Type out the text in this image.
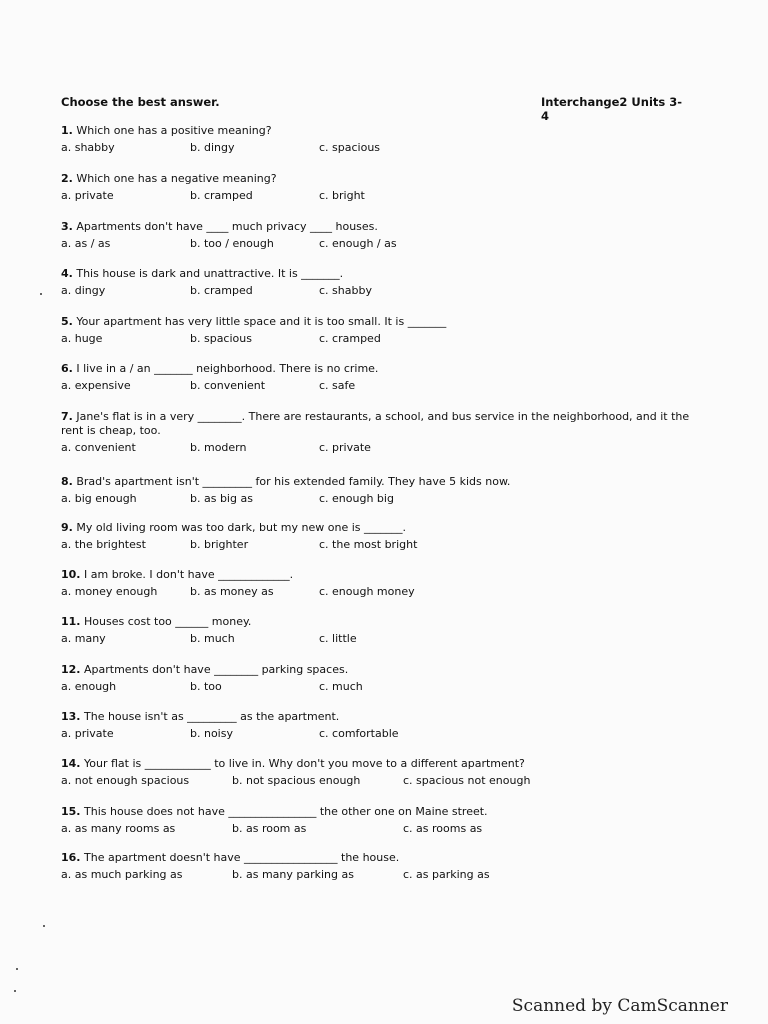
Choose the best answer.	Interchange2 Units 3-4
1. Which one has a positive meaning?
a. shabby	b. dingy	c. spacious
2. Which one has a negative meaning?
a. private	b. cramped	c. bright
3. Apartments don't have ____ much privacy ____ houses.
a. as / as	b. too / enough	c. enough / as
4. This house is dark and unattractive. It is _______.
a. dingy	b. cramped	c. shabby
5. Your apartment has very little space and it is too small. It is _______
a. huge	b. spacious	c. cramped
6. I live in a / an _______ neighborhood. There is no crime.
a. expensive	b. convenient	c. safe
7. Jane's flat is in a very ________. There are restaurants, a school, and bus service in the neighborhood, and it the rent is cheap, too.
a. convenient	b. modern	c. private
8. Brad's apartment isn't _________ for his extended family. They have 5 kids now.
a. big enough	b. as big as	c. enough big
9. My old living room was too dark, but my new one is _______.
a. the brightest	b. brighter	c. the most bright
10. I am broke. I don't have _____________.
a. money enough	b. as money as	c. enough money
11. Houses cost too ______ money.
a. many	b. much	c. little
12. Apartments don't have ________ parking spaces.
a. enough	b. too	c. much
13. The house isn't as _________ as the apartment.
a. private	b. noisy	c. comfortable
14. Your flat is ____________ to live in. Why don't you move to a different apartment?
a. not enough spacious	b. not spacious enough	c. spacious not enough
15. This house does not have ________________ the other one on Maine street.
a. as many rooms as	b. as room as	c. as rooms as
16. The apartment doesn't have _________________ the house.
a. as much parking as	b. as many parking as	c. as parking as
Scanned by CamScanner
